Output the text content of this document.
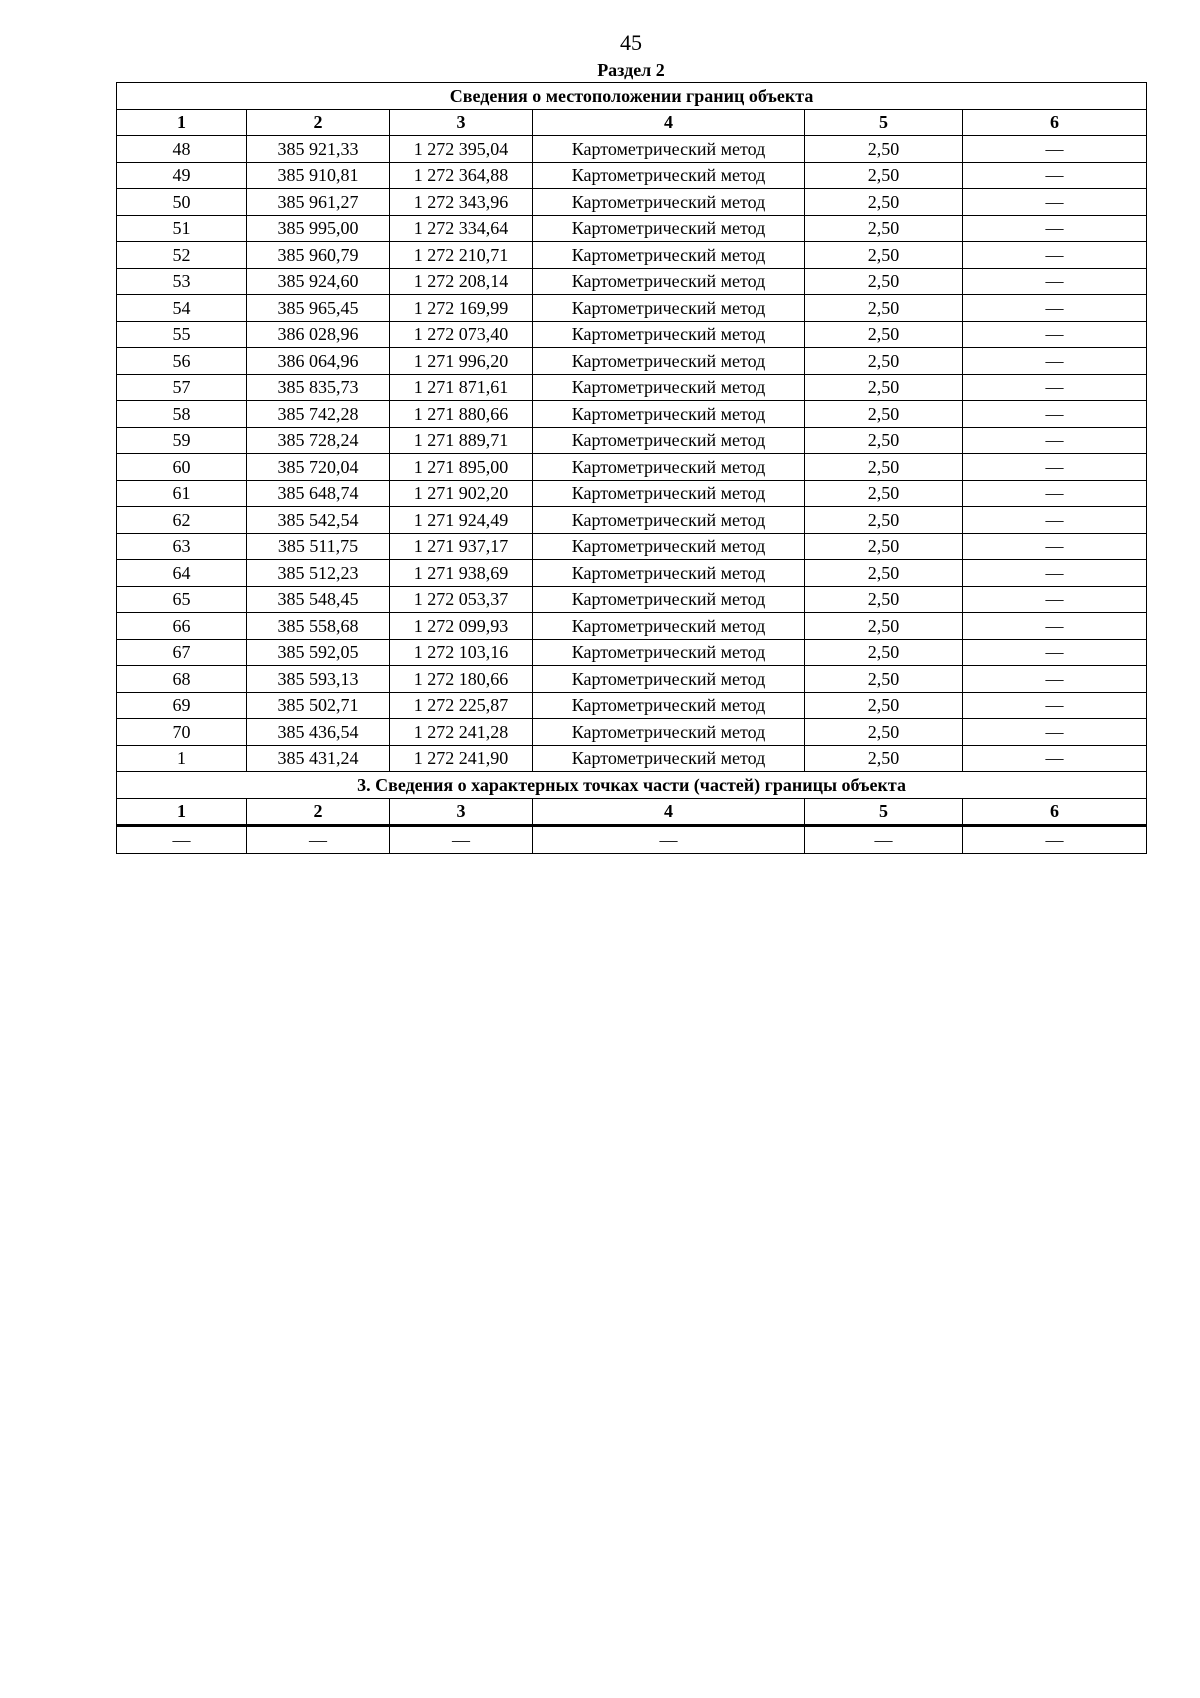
45
Раздел 2
Сведения о местоположении границ объекта					
1	2	3	4	5	6
48	385 921,33	1 272 395,04	Картометрический метод	2,50	—
49	385 910,81	1 272 364,88	Картометрический метод	2,50	—
50	385 961,27	1 272 343,96	Картометрический метод	2,50	—
51	385 995,00	1 272 334,64	Картометрический метод	2,50	—
52	385 960,79	1 272 210,71	Картометрический метод	2,50	—
53	385 924,60	1 272 208,14	Картометрический метод	2,50	—
54	385 965,45	1 272 169,99	Картометрический метод	2,50	—
55	386 028,96	1 272 073,40	Картометрический метод	2,50	—
56	386 064,96	1 271 996,20	Картометрический метод	2,50	—
57	385 835,73	1 271 871,61	Картометрический метод	2,50	—
58	385 742,28	1 271 880,66	Картометрический метод	2,50	—
59	385 728,24	1 271 889,71	Картометрический метод	2,50	—
60	385 720,04	1 271 895,00	Картометрический метод	2,50	—
61	385 648,74	1 271 902,20	Картометрический метод	2,50	—
62	385 542,54	1 271 924,49	Картометрический метод	2,50	—
63	385 511,75	1 271 937,17	Картометрический метод	2,50	—
64	385 512,23	1 271 938,69	Картометрический метод	2,50	—
65	385 548,45	1 272 053,37	Картометрический метод	2,50	—
66	385 558,68	1 272 099,93	Картометрический метод	2,50	—
67	385 592,05	1 272 103,16	Картометрический метод	2,50	—
68	385 593,13	1 272 180,66	Картометрический метод	2,50	—
69	385 502,71	1 272 225,87	Картометрический метод	2,50	—
70	385 436,54	1 272 241,28	Картометрический метод	2,50	—
1	385 431,24	1 272 241,90	Картометрический метод	2,50	—
3. Сведения о характерных точках части (частей) границы объекта					
1	2	3	4	5	6
—	—	—	—	—	—
